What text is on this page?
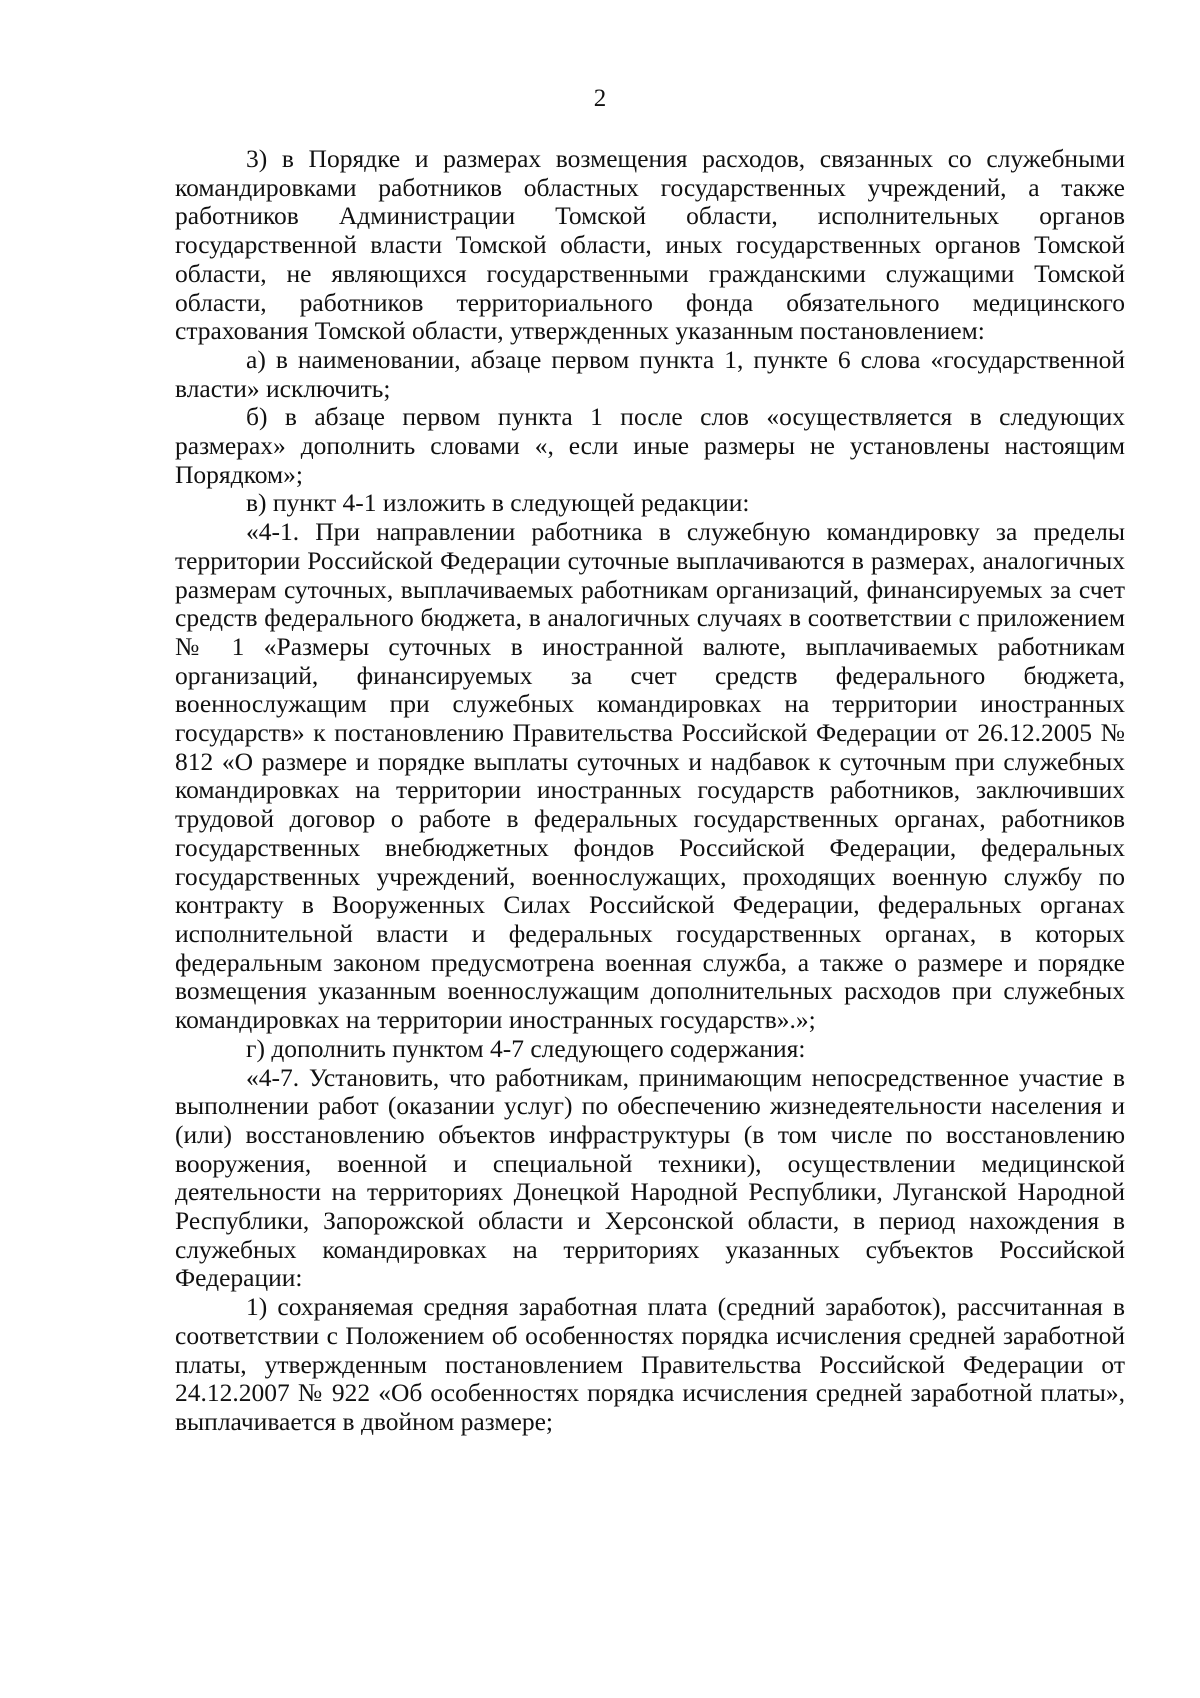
2

3) в Порядке и размерах возмещения расходов, связанных со служебными командировками работников областных государственных учреждений, а также работников Администрации Томской области, исполнительных органов государственной власти Томской области, иных государственных органов Томской области, не являющихся государственными гражданскими служащими Томской области, работников территориального фонда обязательного медицинского страхования Томской области, утвержденных указанным постановлением:

а) в наименовании, абзаце первом пункта 1, пункте 6 слова «государственной власти» исключить;

б) в абзаце первом пункта 1 после слов «осуществляется в следующих размерах» дополнить словами «, если иные размеры не установлены настоящим Порядком»;

в) пункт 4-1 изложить в следующей редакции:

«4-1. При направлении работника в служебную командировку за пределы территории Российской Федерации суточные выплачиваются в размерах, аналогичных размерам суточных, выплачиваемых работникам организаций, финансируемых за счет средств федерального бюджета, в аналогичных случаях в соответствии с приложением № 1 «Размеры суточных в иностранной валюте, выплачиваемых работникам организаций, финансируемых за счет средств федерального бюджета, военнослужащим при служебных командировках на территории иностранных государств» к постановлению Правительства Российской Федерации от 26.12.2005 № 812 «О размере и порядке выплаты суточных и надбавок к суточным при служебных командировках на территории иностранных государств работников, заключивших трудовой договор о работе в федеральных государственных органах, работников государственных внебюджетных фондов Российской Федерации, федеральных государственных учреждений, военнослужащих, проходящих военную службу по контракту в Вооруженных Силах Российской Федерации, федеральных органах исполнительной власти и федеральных государственных органах, в которых федеральным законом предусмотрена военная служба, а также о размере и порядке возмещения указанным военнослужащим дополнительных расходов при служебных командировках на территории иностранных государств».»;

г) дополнить пунктом 4-7 следующего содержания:

«4-7. Установить, что работникам, принимающим непосредственное участие в выполнении работ (оказании услуг) по обеспечению жизнедеятельности населения и (или) восстановлению объектов инфраструктуры (в том числе по восстановлению вооружения, военной и специальной техники), осуществлении медицинской деятельности на территориях Донецкой Народной Республики, Луганской Народной Республики, Запорожской области и Херсонской области, в период нахождения в служебных командировках на территориях указанных субъектов Российской Федерации:

1) сохраняемая средняя заработная плата (средний заработок), рассчитанная в соответствии с Положением об особенностях порядка исчисления средней заработной платы, утвержденным постановлением Правительства Российской Федерации от 24.12.2007 № 922 «Об особенностях порядка исчисления средней заработной платы», выплачивается в двойном размере;
